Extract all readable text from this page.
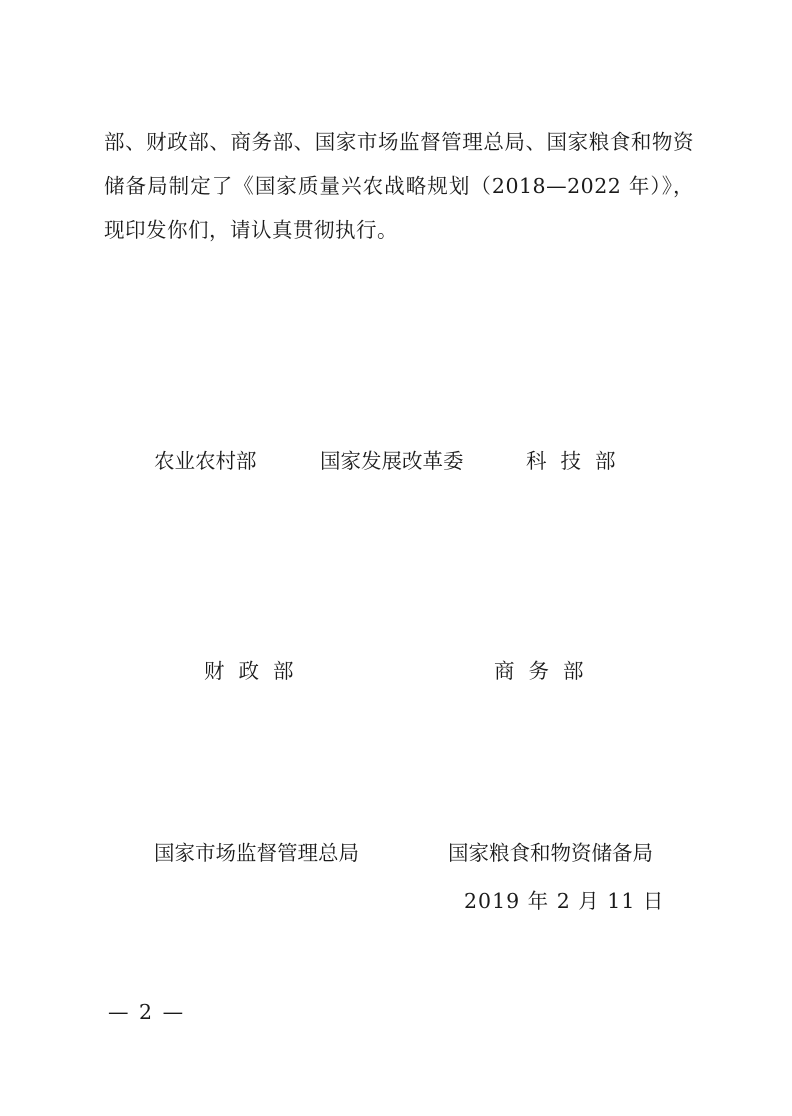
部、财政部、商务部、国家市场监督管理总局、国家粮食和物资储备局制定了《国家质量兴农战略规划（2018—2022 年）》，现印发你们，请认真贯彻执行。

农业农村部	国家发展改革委	科技部
财政部	商务部
国家市场监督管理总局	国家粮食和物资储备局
2019 年 2 月 11 日
— 2 —
